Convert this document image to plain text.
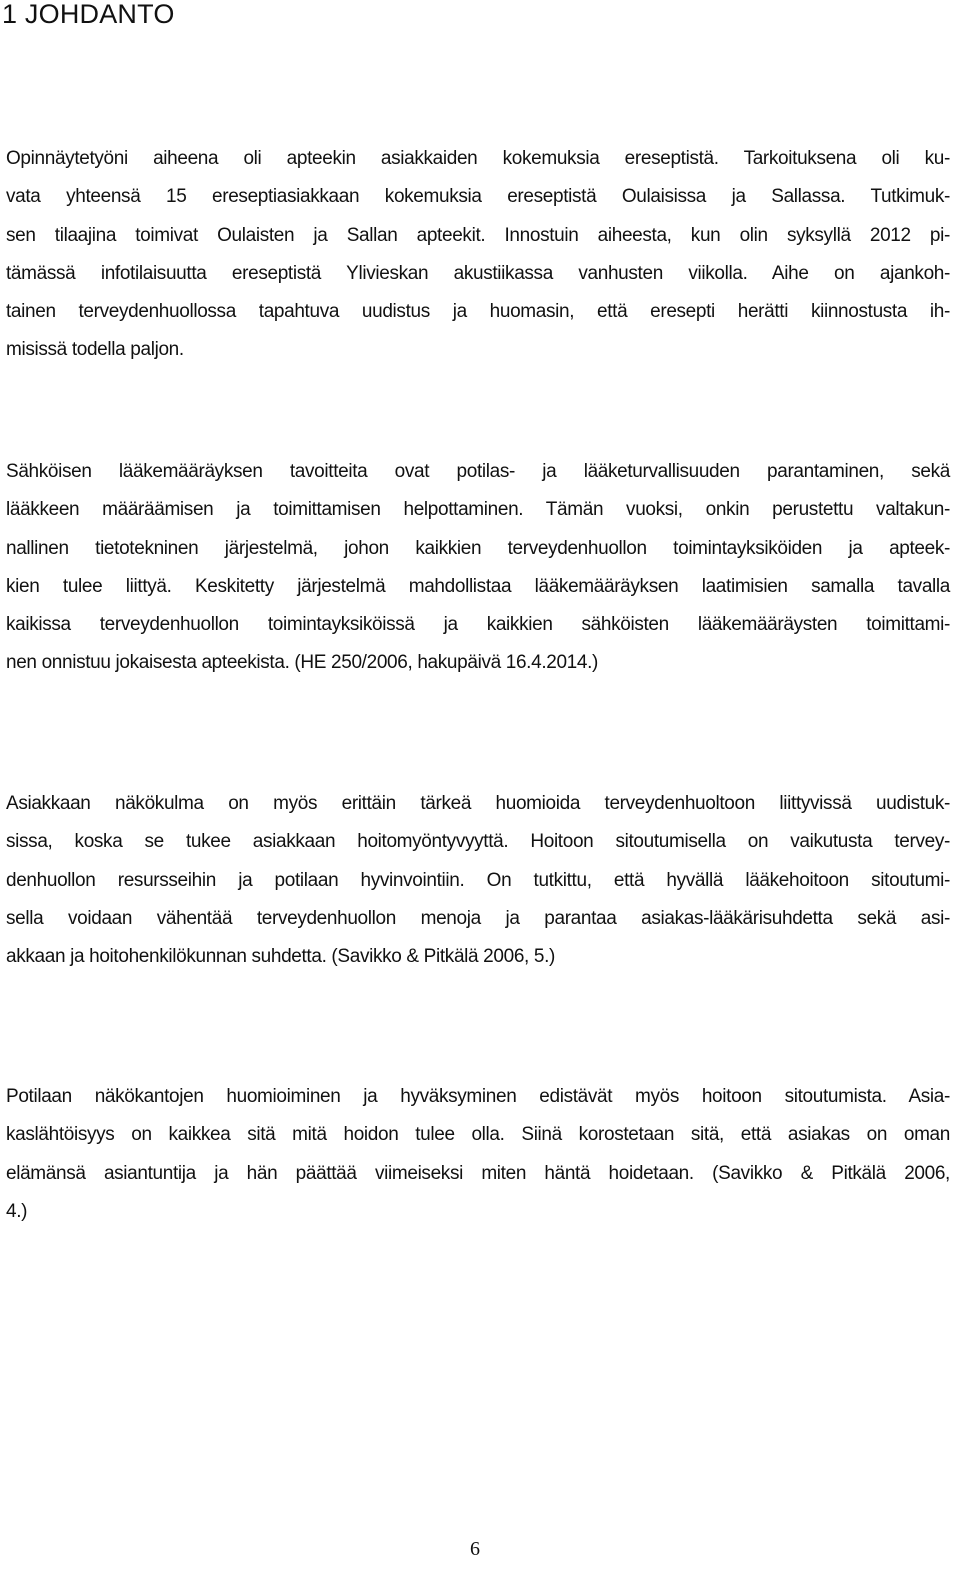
1 JOHDANTO
Opinnäytetyöni aiheena oli apteekin asiakkaiden kokemuksia ereseptistä. Tarkoituksena oli ku-
vata yhteensä 15 ereseptiasiakkaan kokemuksia ereseptistä Oulaisissa ja Sallassa. Tutkimuk-
sen tilaajina toimivat Oulaisten ja Sallan apteekit. Innostuin aiheesta, kun olin syksyllä 2012 pi-
tämässä infotilaisuutta ereseptistä Ylivieskan akustiikassa vanhusten viikolla. Aihe on ajankoh-
tainen terveydenhuollossa tapahtuva uudistus ja huomasin, että eresepti herätti kiinnostusta ih-
misissä todella paljon.
Sähköisen lääkemääräyksen tavoitteita ovat potilas- ja lääketurvallisuuden parantaminen, sekä
lääkkeen määräämisen ja toimittamisen helpottaminen. Tämän vuoksi, onkin perustettu valtakun-
nallinen tietotekninen järjestelmä, johon kaikkien terveydenhuollon toimintayksiköiden ja apteek-
kien tulee liittyä. Keskitetty järjestelmä mahdollistaa lääkemääräyksen laatimisien samalla tavalla
kaikissa terveydenhuollon toimintayksiköissä ja kaikkien sähköisten lääkemääräysten toimittami-
nen onnistuu jokaisesta apteekista. (HE 250/2006, hakupäivä 16.4.2014.)
Asiakkaan näkökulma on myös erittäin tärkeä huomioida terveydenhuoltoon liittyvissä uudistuk-
sissa, koska se tukee asiakkaan hoitomyöntyvyyttä. Hoitoon sitoutumisella on vaikutusta tervey-
denhuollon resursseihin ja potilaan hyvinvointiin. On tutkittu, että hyvällä lääkehoitoon sitoutumi-
sella voidaan vähentää terveydenhuollon menoja ja parantaa asiakas-lääkärisuhdetta sekä asi-
akkaan ja hoitohenkilökunnan suhdetta. (Savikko & Pitkälä 2006, 5.)
Potilaan näkökantojen huomioiminen ja hyväksyminen edistävät myös hoitoon sitoutumista. Asia-
kaslähtöisyys on kaikkea sitä mitä hoidon tulee olla. Siinä korostetaan sitä, että asiakas on oman
elämänsä asiantuntija ja hän päättää viimeiseksi miten häntä hoidetaan. (Savikko & Pitkälä 2006,
4.)
6
